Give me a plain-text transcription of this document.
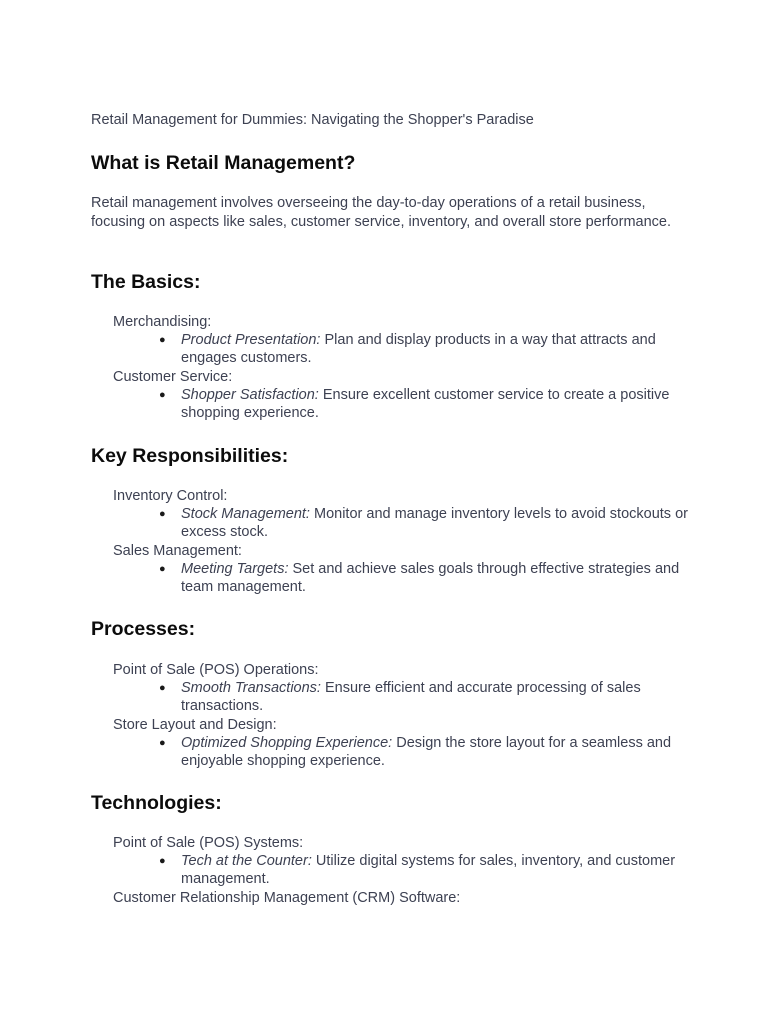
Retail Management for Dummies: Navigating the Shopper's Paradise

What is Retail Management?

Retail management involves overseeing the day-to-day operations of a retail business, focusing on aspects like sales, customer service, inventory, and overall store performance.

The Basics:
Merchandising:
● Product Presentation: Plan and display products in a way that attracts and engages customers.
Customer Service:
● Shopper Satisfaction: Ensure excellent customer service to create a positive shopping experience.
Key Responsibilities:
Inventory Control:
● Stock Management: Monitor and manage inventory levels to avoid stockouts or excess stock.
Sales Management:
● Meeting Targets: Set and achieve sales goals through effective strategies and team management.
Processes:
Point of Sale (POS) Operations:
● Smooth Transactions: Ensure efficient and accurate processing of sales transactions.
Store Layout and Design:
● Optimized Shopping Experience: Design the store layout for a seamless and enjoyable shopping experience.
Technologies:
Point of Sale (POS) Systems:
● Tech at the Counter: Utilize digital systems for sales, inventory, and customer management.
Customer Relationship Management (CRM) Software:
